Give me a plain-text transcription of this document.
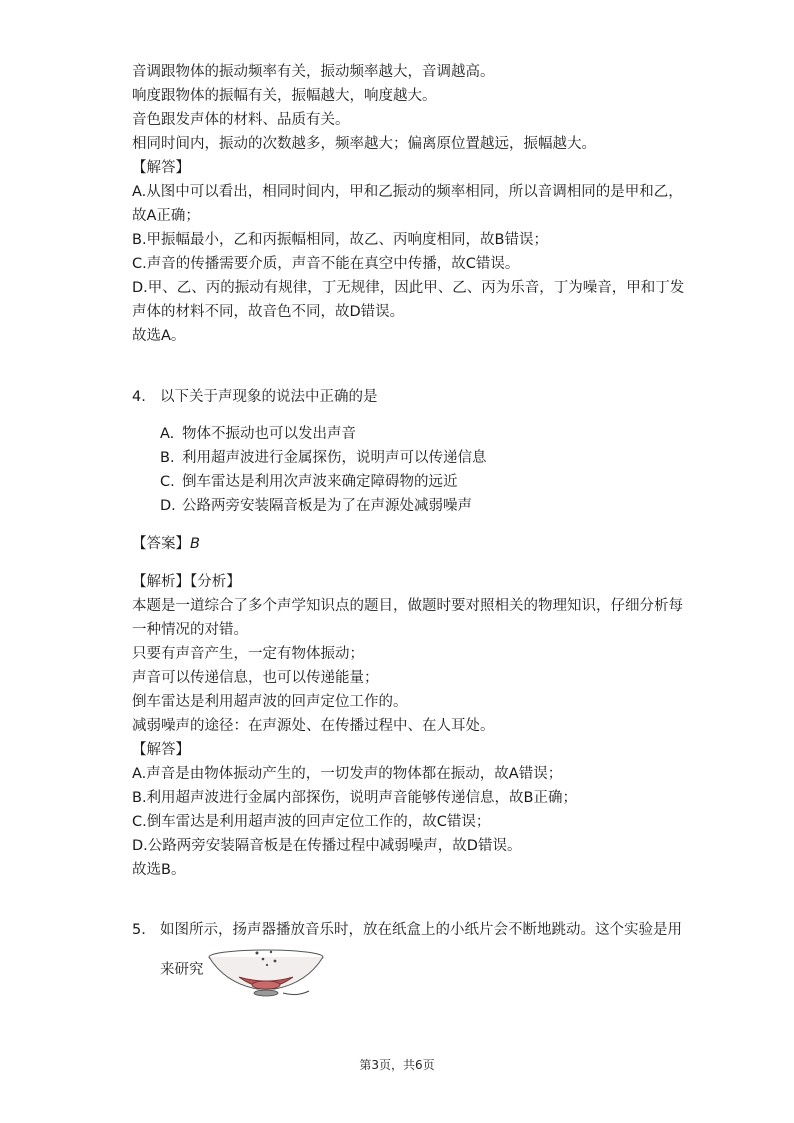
音调跟物体的振动频率有关，振动频率越大，音调越高。
响度跟物体的振幅有关，振幅越大，响度越大。
音色跟发声体的材料、品质有关。
相同时间内，振动的次数越多，频率越大；偏离原位置越远，振幅越大。
【解答】
A.从图中可以看出，相同时间内，甲和乙振动的频率相同，所以音调相同的是甲和乙，
故A正确；
B.甲振幅最小，乙和丙振幅相同，故乙、丙响度相同，故B错误；
C.声音的传播需要介质，声音不能在真空中传播，故C错误。
D.甲、乙、丙的振动有规律，丁无规律，因此甲、乙、丙为乐音，丁为噪音，甲和丁发
声体的材料不同，故音色不同，故D错误。
故选A。
4. 以下关于声现象的说法中正确的是
A. 物体不振动也可以发出声音
B. 利用超声波进行金属探伤，说明声可以传递信息
C. 倒车雷达是利用次声波来确定障碍物的远近
D. 公路两旁安装隔音板是为了在声源处减弱噪声
【答案】B
【解析】【分析】
本题是一道综合了多个声学知识点的题目，做题时要对照相关的物理知识，仔细分析每
一种情况的对错。
只要有声音产生，一定有物体振动；
声音可以传递信息，也可以传递能量；
倒车雷达是利用超声波的回声定位工作的。
减弱噪声的途径：在声源处、在传播过程中、在人耳处。
【解答】
A.声音是由物体振动产生的，一切发声的物体都在振动，故A错误；
B.利用超声波进行金属内部探伤，说明声音能够传递信息，故B正确；
C.倒车雷达是利用超声波的回声定位工作的，故C错误；
D.公路两旁安装隔音板是在传播过程中减弱噪声，故D错误。
故选B。
5. 如图所示，扬声器播放音乐时，放在纸盒上的小纸片会不断地跳动。这个实验是用
来研究
第3页，共6页
